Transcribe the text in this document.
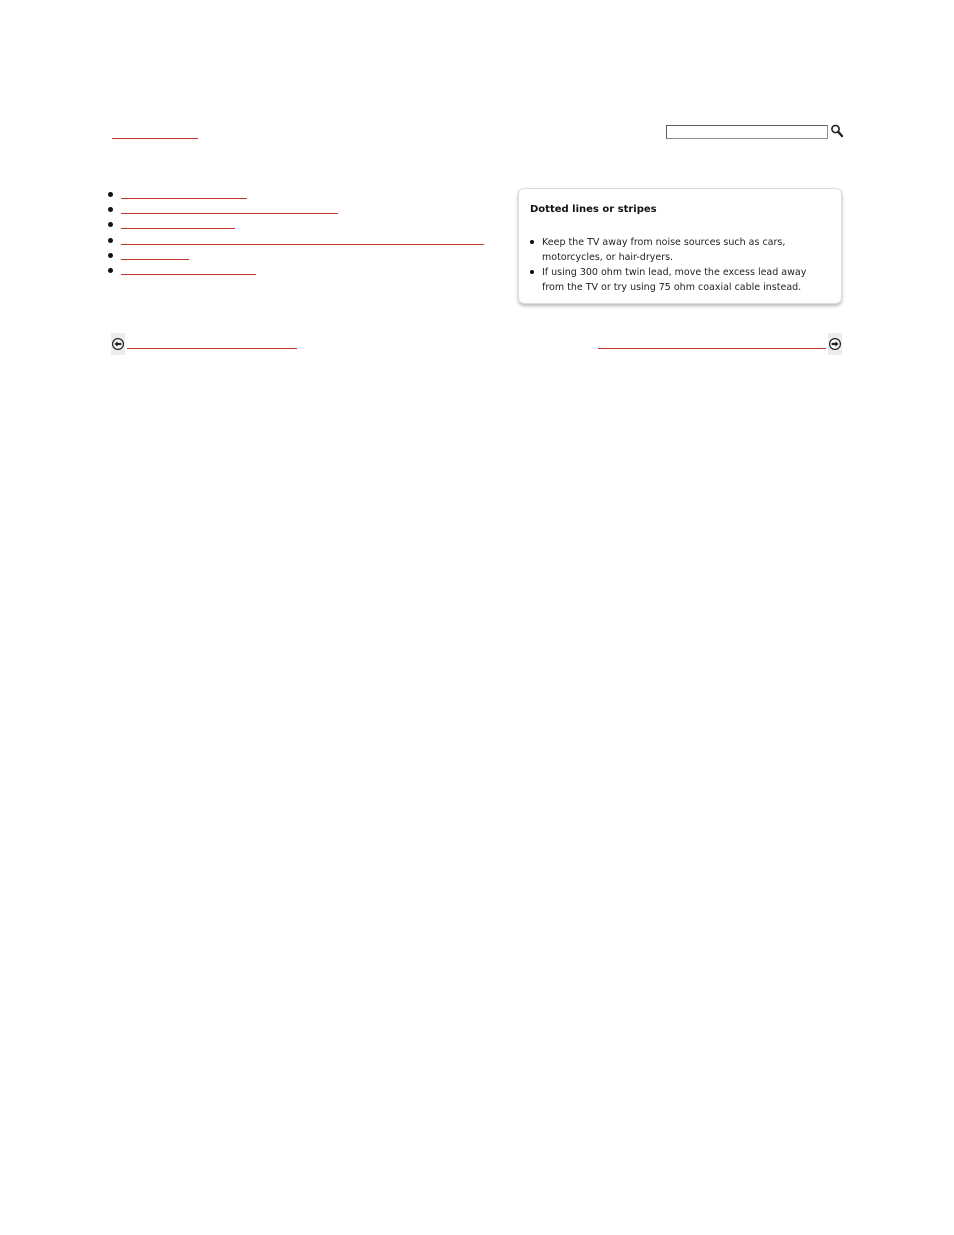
Dotted lines or stripes
Keep the TV away from noise sources such as cars, motorcycles, or hair-dryers.
If using 300 ohm twin lead, move the excess lead away from the TV or try using 75 ohm coaxial cable instead.
